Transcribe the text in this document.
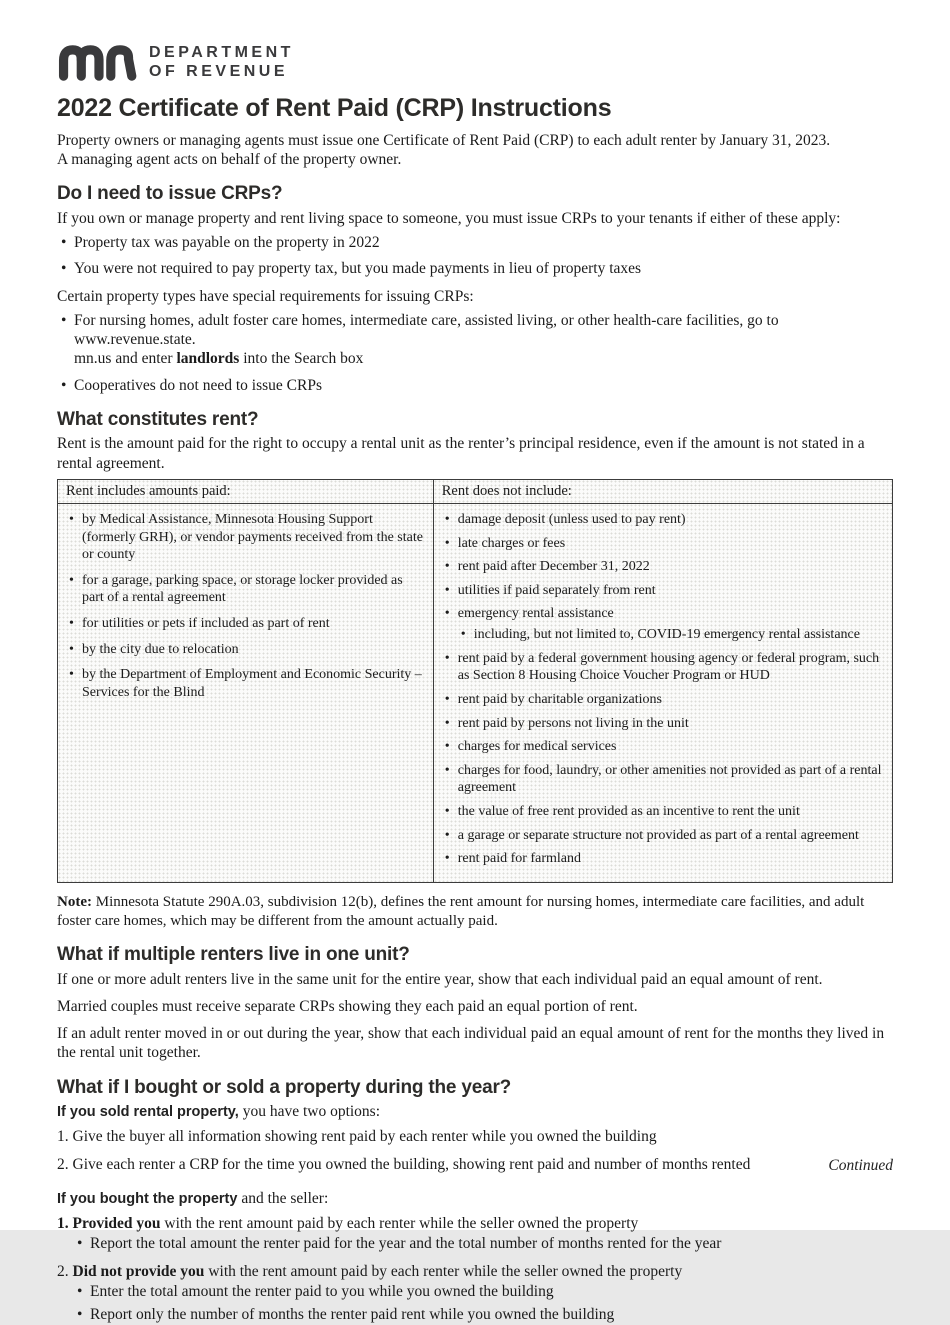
DEPARTMENT
OF REVENUE
2022 Certificate of Rent Paid (CRP) Instructions

Property owners or managing agents must issue one Certificate of Rent Paid (CRP) to each adult renter by January 31, 2023.
A managing agent acts on behalf of the property owner.

Do I need to issue CRPs?

If you own or manage property and rent living space to someone, you must issue CRPs to your tenants if either of these apply:

• Property tax was payable on the property in 2022
• You were not required to pay property tax, but you made payments in lieu of property taxes

Certain property types have special requirements for issuing CRPs:

• For nursing homes, adult foster care homes, intermediate care, assisted living, or other health-care facilities, go to www.revenue.state.
mn.us and enter landlords into the Search box
• Cooperatives do not need to issue CRPs
What constitutes rent?

Rent is the amount paid for the right to occupy a rental unit as the renter’s principal residence, even if the amount is not stated in a rental agreement.

Rent includes amounts paid:	Rent does not include:

• by Medical Assistance, Minnesota Housing Support (formerly GRH), or vendor payments received from the state or county
• for a garage, parking space, or storage locker provided as part of a rental agreement
• for utilities or pets if included as part of rent
• by the city due to relocation
• by the Department of Employment and Economic Security – Services for the Blind

• damage deposit (unless used to pay rent)
• late charges or fees
• rent paid after December 31, 2022
• utilities if paid separately from rent
• emergency rental assistance
• including, but not limited to, COVID-19 emergency rental assistance
• rent paid by a federal government housing agency or federal program, such as Section 8 Housing Choice Voucher Program or HUD
• rent paid by charitable organizations
• rent paid by persons not living in the unit
• charges for medical services
• charges for food, laundry, or other amenities not provided as part of a rental agreement
• the value of free rent provided as an incentive to rent the unit
• a garage or separate structure not provided as part of a rental agreement
• rent paid for farmland

Note: Minnesota Statute 290A.03, subdivision 12(b), defines the rent amount for nursing homes, intermediate care facilities, and adult foster care homes, which may be different from the amount actually paid.

What if multiple renters live in one unit?

If one or more adult renters live in the same unit for the entire year, show that each individual paid an equal amount of rent.

Married couples must receive separate CRPs showing they each paid an equal portion of rent.

If an adult renter moved in or out during the year, show that each individual paid an equal amount of rent for the months they lived in the rental unit together.

What if I bought or sold a property during the year?

If you sold rental property, you have two options:

1. Give the buyer all information showing rent paid by each renter while you owned the building
2. Give each renter a CRP for the time you owned the building, showing rent paid and number of months rented

If you bought the property and the seller:

1. Provided you with the rent amount paid by each renter while the seller owned the property
• Report the total amount the renter paid for the year and the total number of months rented for the year
2. Did not provide you with the rent amount paid by each renter while the seller owned the property
• Enter the total amount the renter paid to you while you owned the building
• Report only the number of months the renter paid rent while you owned the building
Continued
